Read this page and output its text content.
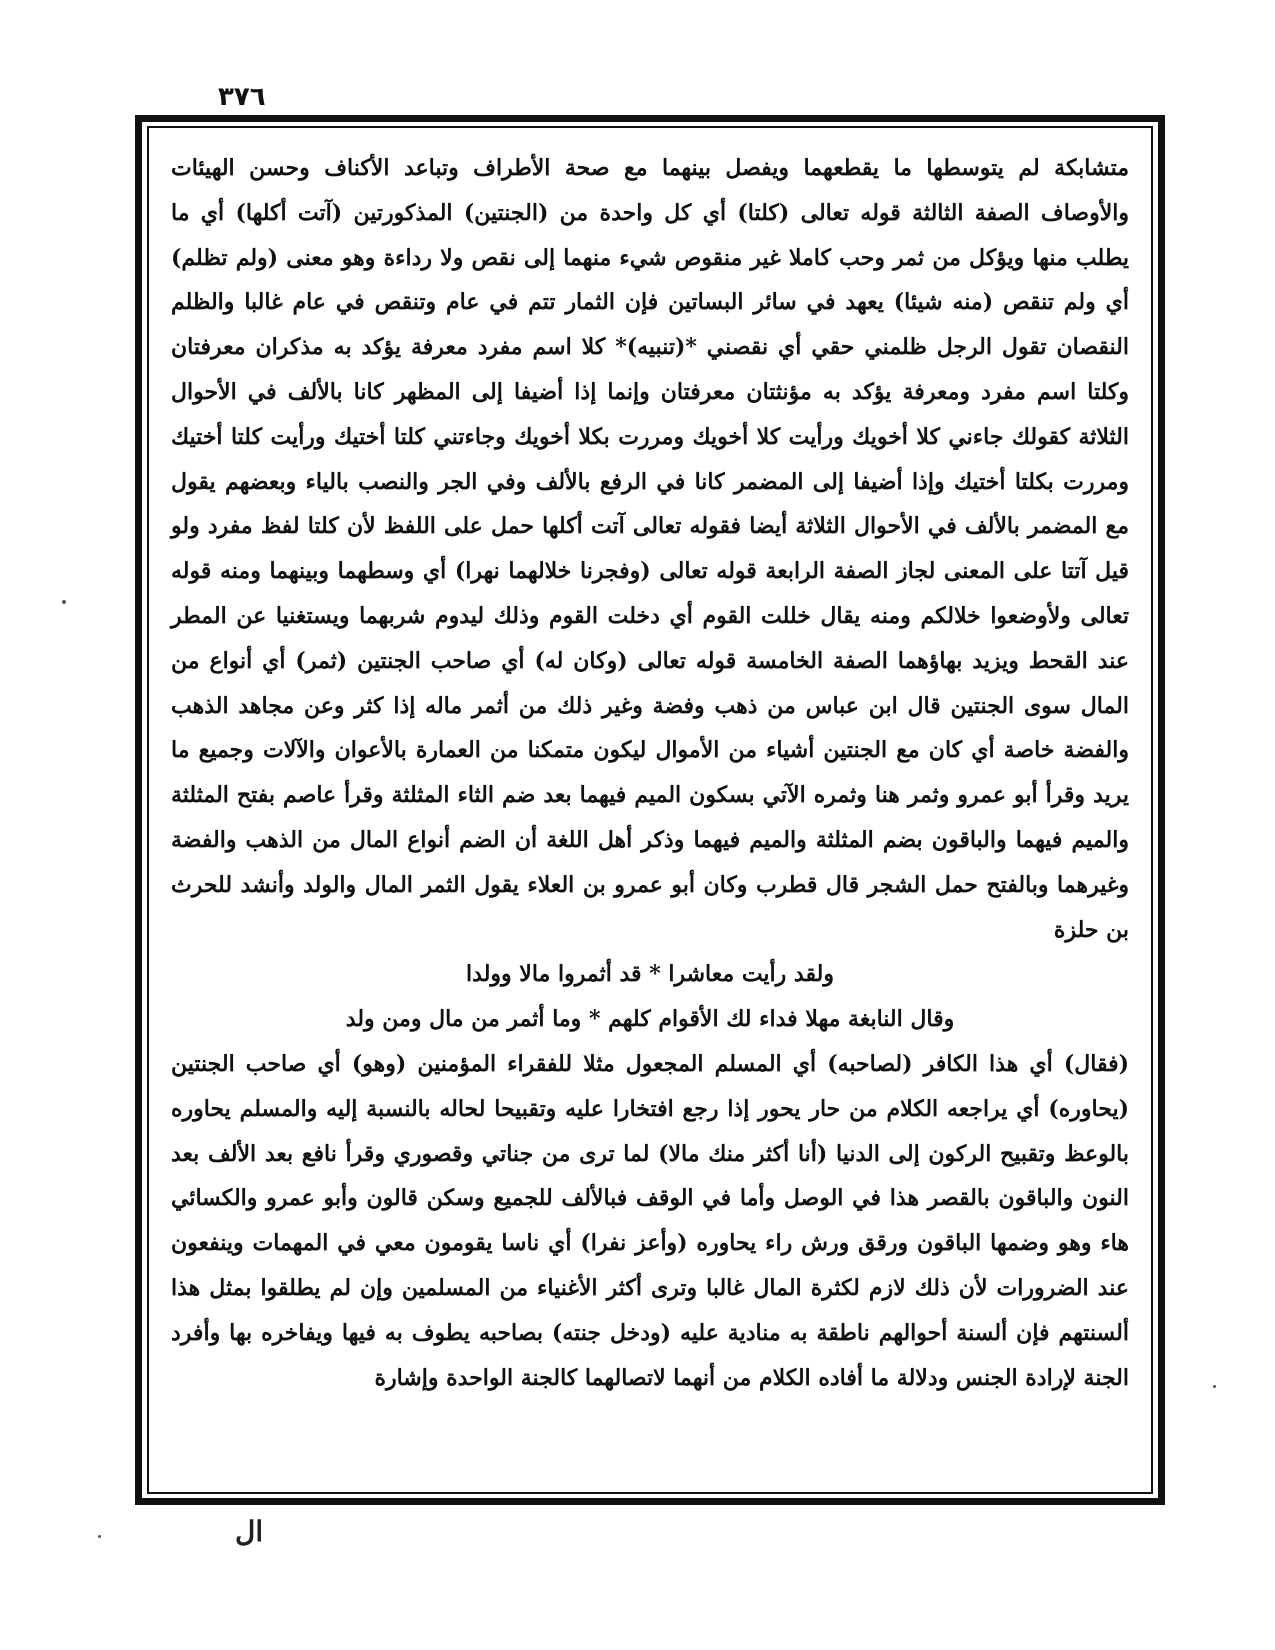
٣٧٦

متشابكة لم يتوسطها ما يقطعهما ويفصل بينهما مع صحة الأطراف وتباعد الأكناف وحسن الهيئات والأوصاف الصفة الثالثة قوله تعالى (كلتا) أي كل واحدة من (الجنتين) المذكورتين (آتت أكلها) أي ما يطلب منها ويؤكل من ثمر وحب كاملا غير منقوص شيء منهما إلى نقص ولا رداءة وهو معنى (ولم تظلم) أي ولم تنقص (منه شيئا) يعهد في سائر البساتين فإن الثمار تتم في عام وتنقص في عام غالبا والظلم النقصان تقول الرجل ظلمني حقي أي نقصني *(تنبيه)* كلا اسم مفرد معرفة يؤكد به مذكران معرفتان وكلتا اسم مفرد ومعرفة يؤكد به مؤنثتان معرفتان وإنما إذا أضيفا إلى المظهر كانا بالألف في الأحوال الثلاثة كقولك جاءني كلا أخويك ورأيت كلا أخويك ومررت بكلا أخويك وجاءتني كلتا أختيك ورأيت كلتا أختيك ومررت بكلتا أختيك وإذا أضيفا إلى المضمر كانا في الرفع بالألف وفي الجر والنصب بالياء وبعضهم يقول مع المضمر بالألف في الأحوال الثلاثة أيضا فقوله تعالى آتت أكلها حمل على اللفظ لأن كلتا لفظ مفرد ولو قيل آتتا على المعنى لجاز الصفة الرابعة قوله تعالى (وفجرنا خلالهما نهرا) أي وسطهما وبينهما ومنه قوله تعالى ولأوضعوا خلالكم ومنه يقال خللت القوم أي دخلت القوم وذلك ليدوم شربهما ويستغنيا عن المطر عند القحط ويزيد بهاؤهما الصفة الخامسة قوله تعالى (وكان له) أي صاحب الجنتين (ثمر) أي أنواع من المال سوى الجنتين قال ابن عباس من ذهب وفضة وغير ذلك من أثمر ماله إذا كثر وعن مجاهد الذهب والفضة خاصة أي كان مع الجنتين أشياء من الأموال ليكون متمكنا من العمارة بالأعوان والآلات وجميع ما يريد وقرأ أبو عمرو وثمر هنا وثمره الآتي بسكون الميم فيهما بعد ضم الثاء المثلثة وقرأ عاصم بفتح المثلثة والميم فيهما والباقون بضم المثلثة والميم فيهما وذكر أهل اللغة أن الضم أنواع المال من الذهب والفضة وغيرهما وبالفتح حمل الشجر قال قطرب وكان أبو عمرو بن العلاء يقول الثمر المال والولد وأنشد للحرث بن حلزة

ولقد رأيت معاشرا * قد أثمروا مالا وولدا

وقال النابغة مهلا فداء لك الأقوام كلهم * وما أثمر من مال ومن ولد

(فقال) أي هذا الكافر (لصاحبه) أي المسلم المجعول مثلا للفقراء المؤمنين (وهو) أي صاحب الجنتين (يحاوره) أي يراجعه الكلام من حار يحور إذا رجع افتخارا عليه وتقبيحا لحاله بالنسبة إليه والمسلم يحاوره بالوعظ وتقبيح الركون إلى الدنيا (أنا أكثر منك مالا) لما ترى من جناتي وقصوري وقرأ نافع بعد الألف بعد النون والباقون بالقصر هذا في الوصل وأما في الوقف فبالألف للجميع وسكن قالون وأبو عمرو والكسائي هاء وهو وضمها الباقون ورقق ورش راء يحاوره (وأعز نفرا) أي ناسا يقومون معي في المهمات وينفعون عند الضرورات لأن ذلك لازم لكثرة المال غالبا وترى أكثر الأغنياء من المسلمين وإن لم يطلقوا بمثل هذا ألسنتهم فإن ألسنة أحوالهم ناطقة به منادية عليه (ودخل جنته) بصاحبه يطوف به فيها ويفاخره بها وأفرد الجنة لإرادة الجنس ودلالة ما أفاده الكلام من أنهما لاتصالهما كالجنة الواحدة وإشارة

ال
